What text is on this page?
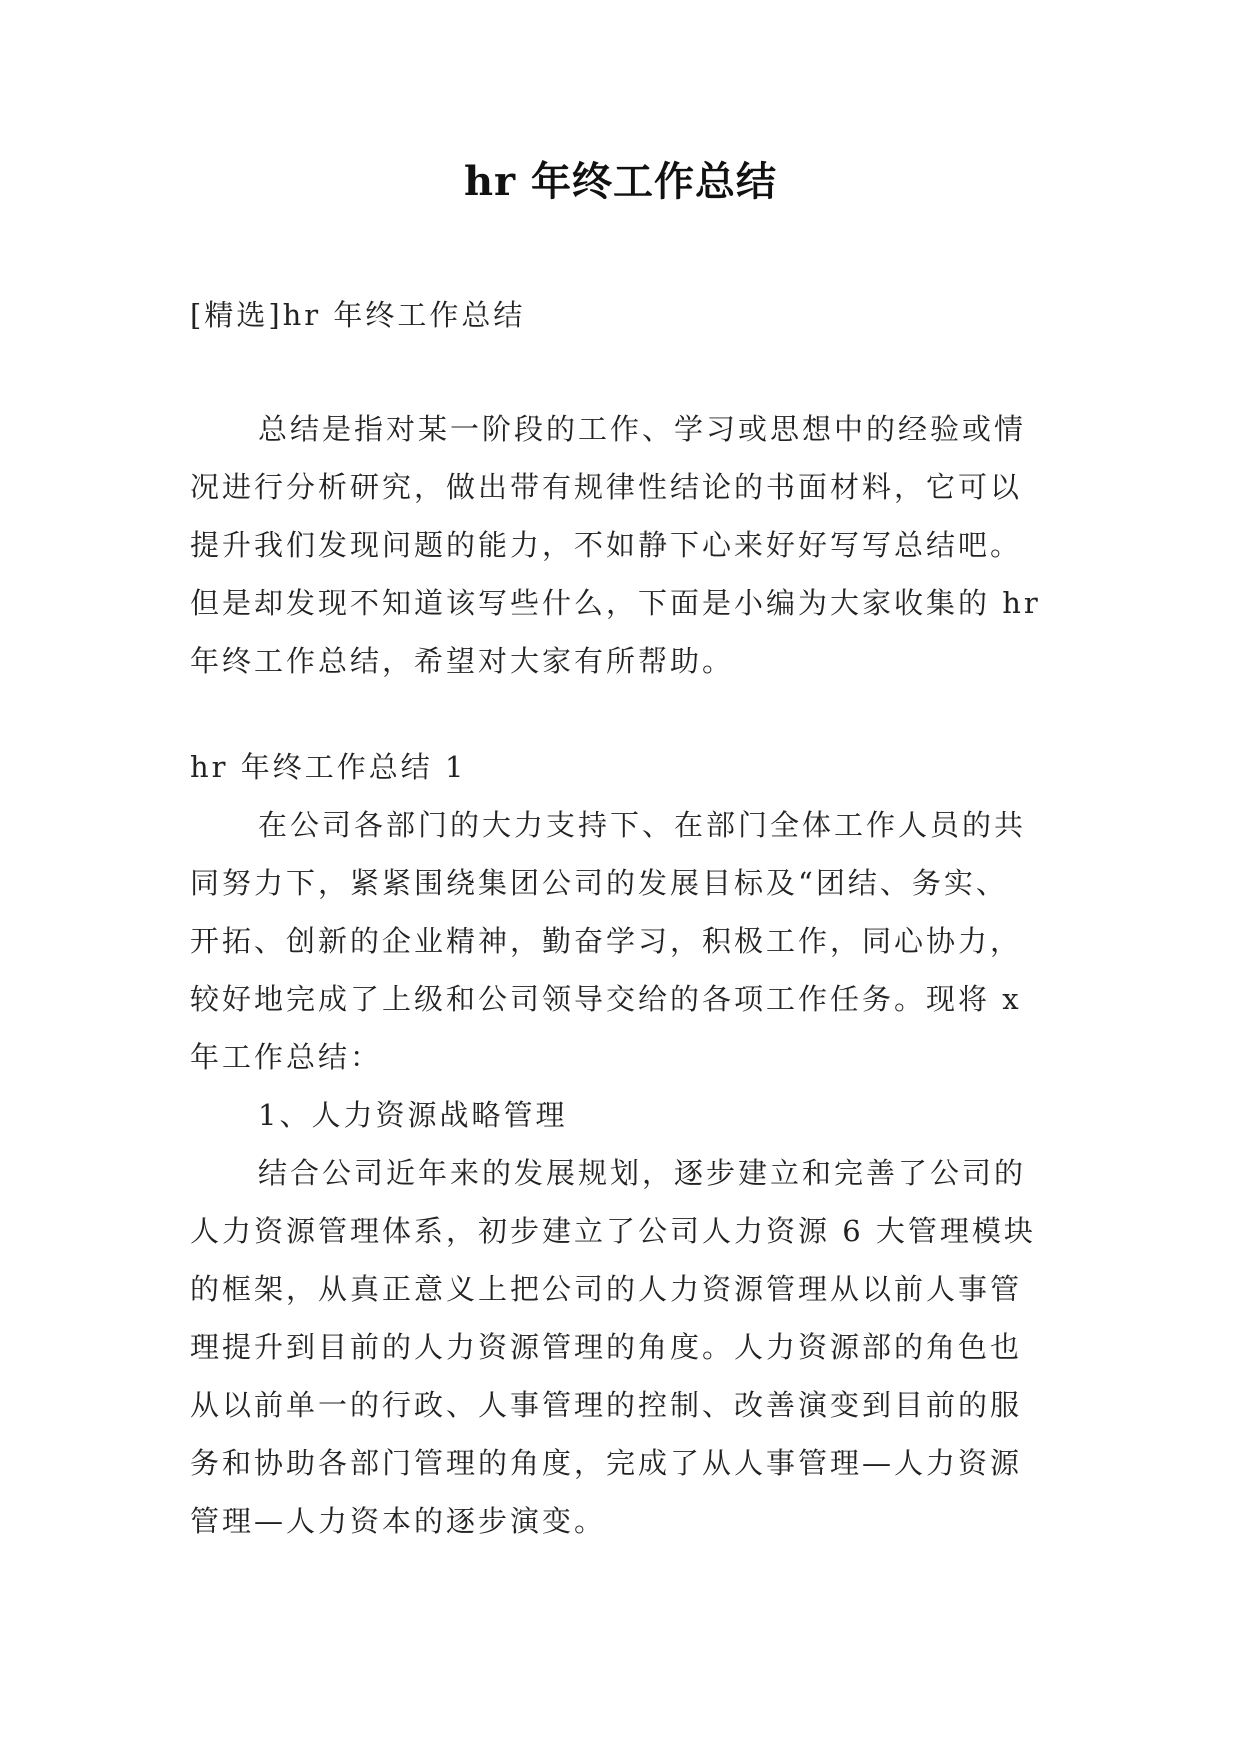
hr 年终工作总结
[精选]hr 年终工作总结
总结是指对某一阶段的工作、学习或思想中的经验或情
况进行分析研究，做出带有规律性结论的书面材料，它可以
提升我们发现问题的能力，不如静下心来好好写写总结吧。
但是却发现不知道该写些什么，下面是小编为大家收集的 hr
年终工作总结，希望对大家有所帮助。
hr 年终工作总结 1
在公司各部门的大力支持下、在部门全体工作人员的共
同努力下，紧紧围绕集团公司的发展目标及“团结、务实、
开拓、创新的企业精神，勤奋学习，积极工作，同心协力，
较好地完成了上级和公司领导交给的各项工作任务。现将 x
年工作总结：
1、人力资源战略管理
结合公司近年来的发展规划，逐步建立和完善了公司的
人力资源管理体系，初步建立了公司人力资源 6 大管理模块
的框架，从真正意义上把公司的人力资源管理从以前人事管
理提升到目前的人力资源管理的角度。人力资源部的角色也
从以前单一的行政、人事管理的控制、改善演变到目前的服
务和协助各部门管理的角度，完成了从人事管理—人力资源
管理—人力资本的逐步演变。
